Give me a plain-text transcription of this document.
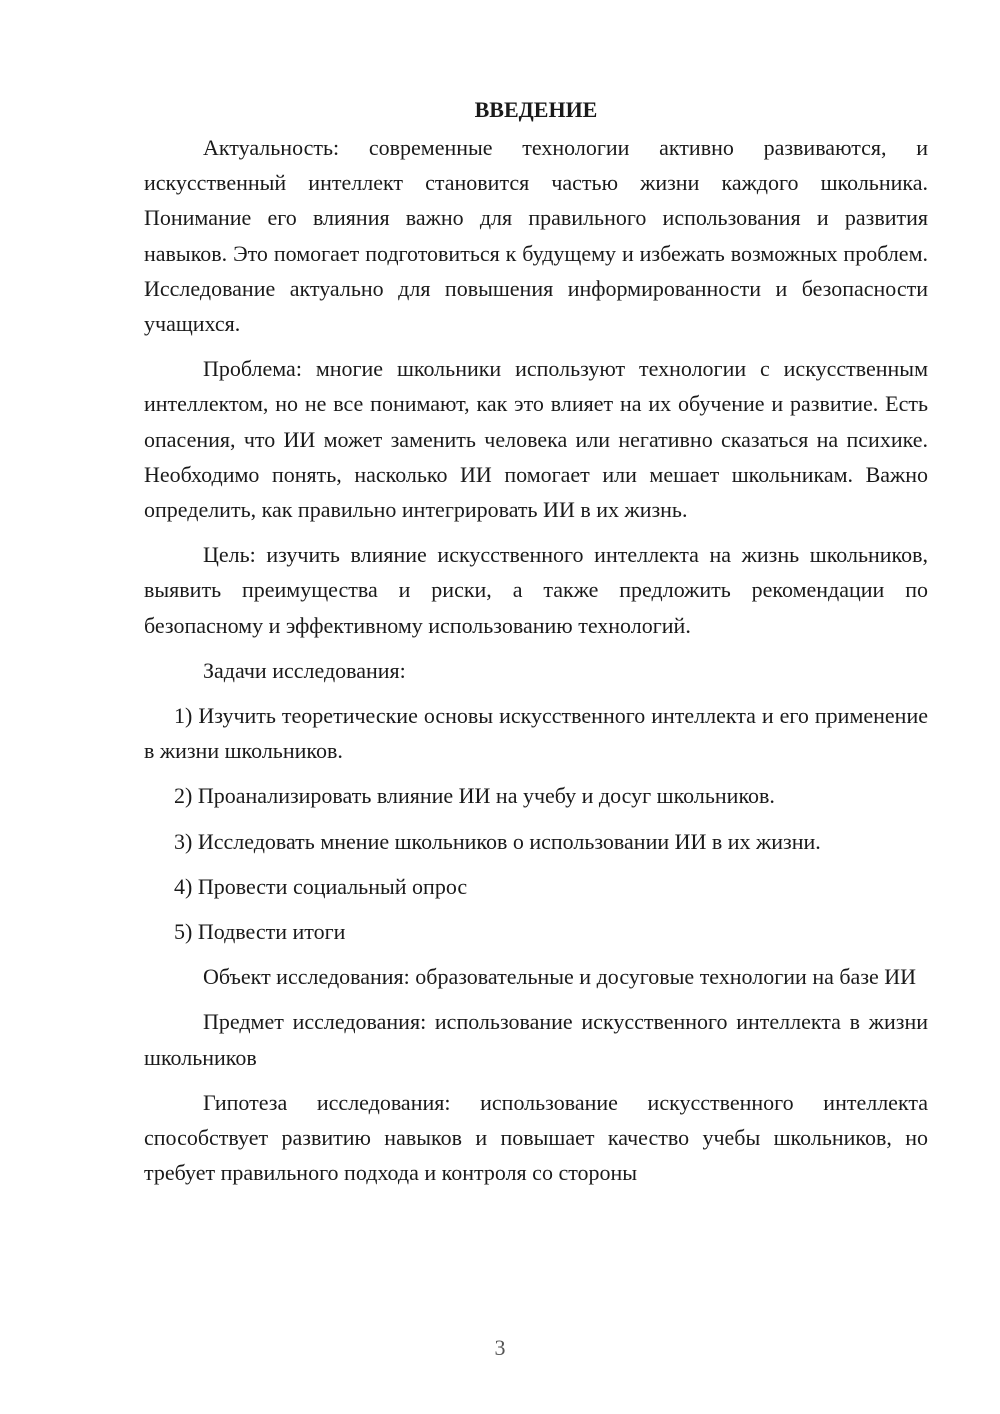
ВВЕДЕНИЕ

Актуальность: современные технологии активно развиваются, и искусственный интеллект становится частью жизни каждого школьника. Понимание его влияния важно для правильного использования и развития навыков. Это помогает подготовиться к будущему и избежать возможных проблем. Исследование актуально для повышения информированности и безопасности учащихся.

Проблема: многие школьники используют технологии с искусственным интеллектом, но не все понимают, как это влияет на их обучение и развитие. Есть опасения, что ИИ может заменить человека или негативно сказаться на психике. Необходимо понять, насколько ИИ помогает или мешает школьникам. Важно определить, как правильно интегрировать ИИ в их жизнь.

Цель: изучить влияние искусственного интеллекта на жизнь школьников, выявить преимущества и риски, а также предложить рекомендации по безопасному и эффективному использованию технологий.

Задачи исследования:

1) Изучить теоретические основы искусственного интеллекта и его применение в жизни школьников.

2) Проанализировать влияние ИИ на учебу и досуг школьников.

3) Исследовать мнение школьников о использовании ИИ в их жизни.

4) Провести социальный опрос

5) Подвести итоги

Объект исследования: образовательные и досуговые технологии на базе ИИ

Предмет исследования: использование искусственного интеллекта в жизни школьников

Гипотеза исследования: использование искусственного интеллекта способствует развитию навыков и повышает качество учебы школьников, но требует правильного подхода и контроля со стороны

3
